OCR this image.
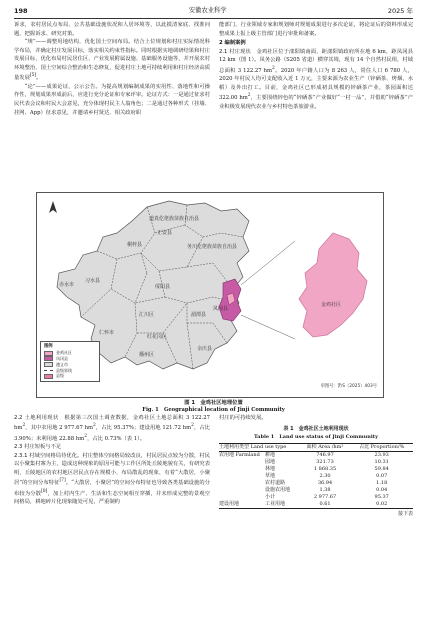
198	安徽农业科学	2025 年

诉求，农村居民点布局、公共基础设施状况和人居环境等，以此摸清家底、找准问题，把握诉求、研究对策。

“规”——调整用地结构，优化国土空间布局。结合上位规划和村庄实际情况科学布局，并确定村庄发展目标，落实相关约束性指标。同时根据实地调研结果和村庄发展目标，优化布局村民居住区、产业发展附属设施、基础服务设施等，并开展农村环境整治、国土空间综合整治和生态修复，促进村庄土地可持续利用和村庄经济高质量发展[5]。

“论”——成果论证，公示公告。为提高规划编制成果的实用性、落地性和可操作性，规划成果形成前后，应进行充分论证和专家评审。论证方式：一是通过征求村民代表会议和村民大会意见，充分体现村民主人翁角色；二是通过各种形式（挂墙、挂网、App）征求意见，并邀请乡村贤达、相关政府职

能部门、行业领域专家和规划师对规划成果进行多次论证，将论证后的资料形成完整成果上报上级主管部门进行审批和备案。

2 编制案例

2.1 村庄现状　 金鸡社区位于漾阳镇南面，距漾阳镇政府所在地 6 km，距凤冈县 12 km（图 1）。凤务公路（S205 省道）横穿其境，现有 14 个自然村民组，村域总面积 3 122.27 $hm^2$。2020 年户籍人口为 8 263 人，常住人口 6 780 人，2020 年村民人均可支配收入近 1 万元，主要来源为农业生产（锌硒茶、烤烟、水稻）及外出打工。目前，金鸡社区已形成初具规模的锌硒茶产业，茶园面积达 322.00 $hm^2$，主要围绕锌色的“锌硒茶”产业做好“一村一品”，并借助“锌硒茶”产业积极发展现代农业与乡村特色茶旅游业。

道真仡佬族苗族自治县
务川仡佬族苗族自治县
正安县
桐梓县
赤水市
习水县
绥阳县
凤冈县
湄潭县
汇川区
仁怀市
红花岗区
播州区
余庆县
金鸡社区
图例
金鸡社区
凤冈县
遵义市
县级界线
县级
审图号：黔S（2025）403号
图 1　金鸡社区地理位置
Fig. 1　Geographical location of Jinji Community

2.2 土地利用现状　 根据第三次国土调查数据，金鸡社区土地总面积 3 122.27 $hm^2$，其中农用地 2 977.67 $hm^2$，占比 95.37%；建设用地 121.72 $hm^2$，占比 3.90%；未利用地 22.88 $hm^2$，占比 0.73%（表 1）。

2.3 村庄短板与不足

2.3.1 村域空间格局待优化。村庄整体空间格局较改良，村民居民点较为分散，村民以小聚集村寨为主，造成这种现象的原因可能与工作区所处丘陵地貌有关，有研究表明，丘陵地区的农村地区居民点存在规模小、布局散乱的现象，有着“大散居，小聚居”的空间分布特征[7]。“大散居，小聚居”的空间分布特征也导致各类基础设施的分布较为分散[8]，加上村内生产、生活和生态空间相互穿插，并未形成完整的景观空间格局，耕地碎片化现象随处可见，严重制约

村庄的可持续发展。

表 1　金鸡社区土地利用现状
Table 1　Land use status of Jinji Community
土地利用类型 Land use type		面积 Area /hm²	占比 Proportion/%
农用地 Farmland	耕地	746.97	23.93
	园地	321.73	10.31
	林地	1 868.35	59.84
	草地	2.30	0.07
	农村道路	36.94	1.18
	设施农用地	1.38	0.04
	小计	2 977.67	95.37
建设用地	工业用地	0.61	0.02
接下表
